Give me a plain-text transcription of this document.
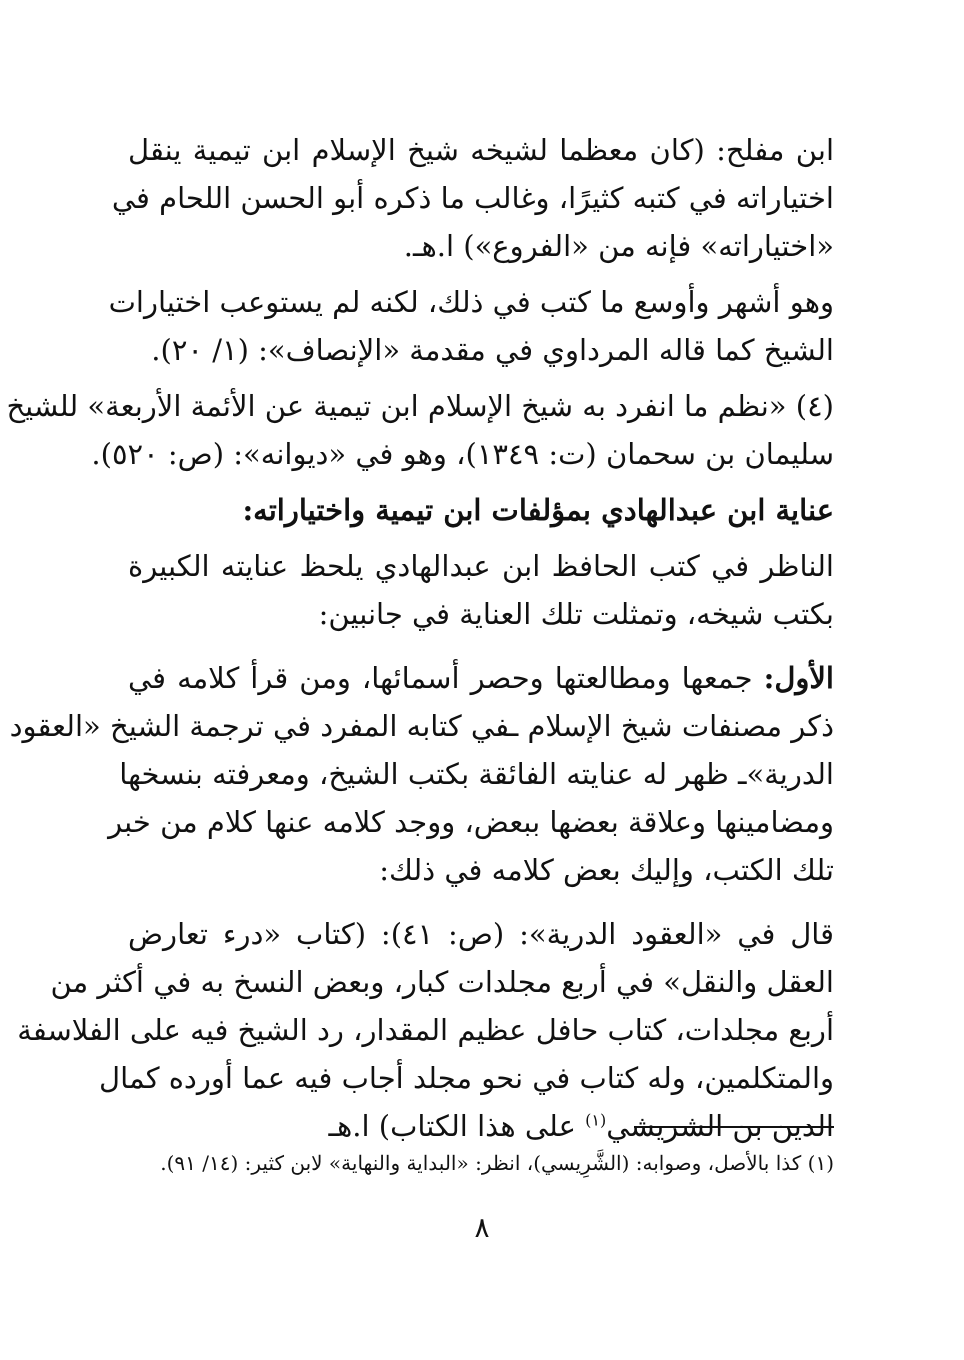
ابن مفلح: (كان معظما لشيخه شيخ الإسلام ابن تيمية ينقل
اختياراته في كتبه كثيرًا، وغالب ما ذكره أبو الحسن اللحام في
«اختياراته» فإنه من «الفروع») ا.هـ.
وهو أشهر وأوسع ما كتب في ذلك، لكنه لم يستوعب اختيارات
الشيخ كما قاله المرداوي في مقدمة «الإنصاف»: (١/ ٢٠).
(٤) «نظم ما انفرد به شيخ الإسلام ابن تيمية عن الأئمة الأربعة» للشيخ
سليمان بن سحمان (ت: ١٣٤٩)، وهو في «ديوانه»: (ص: ٥٢٠).
عناية ابن عبدالهادي بمؤلفات ابن تيمية واختياراته:
الناظر في كتب الحافظ ابن عبدالهادي يلحظ عنايته الكبيرة
بكتب شيخه، وتمثلت تلك العناية في جانبين:
الأول: جمعها ومطالعتها وحصر أسمائها، ومن قرأ كلامه في
ذكر مصنفات شيخ الإسلام ـفي كتابه المفرد في ترجمة الشيخ «العقود
الدرية»ـ ظهر له عنايته الفائقة بكتب الشيخ، ومعرفته بنسخها
ومضامينها وعلاقة بعضها ببعض، ووجد كلامه عنها كلام من خبر
تلك الكتب، وإليك بعض كلامه في ذلك:
قال في «العقود الدرية»: (ص: ٤١): (كتاب «درء تعارض
العقل والنقل» في أربع مجلدات كبار، وبعض النسخ به في أكثر من
أربع مجلدات، كتاب حافل عظيم المقدار، رد الشيخ فيه على الفلاسفة
والمتكلمين، وله كتاب في نحو مجلد أجاب فيه عما أورده كمال
الدين بن الشريشي$^{(١)}$ على هذا الكتاب) ا.هـ
(١) كذا بالأصل، وصوابه: (الشَّرِيسي)، انظر: «البداية والنهاية» لابن كثير: (١٤/ ٩١).
٨
